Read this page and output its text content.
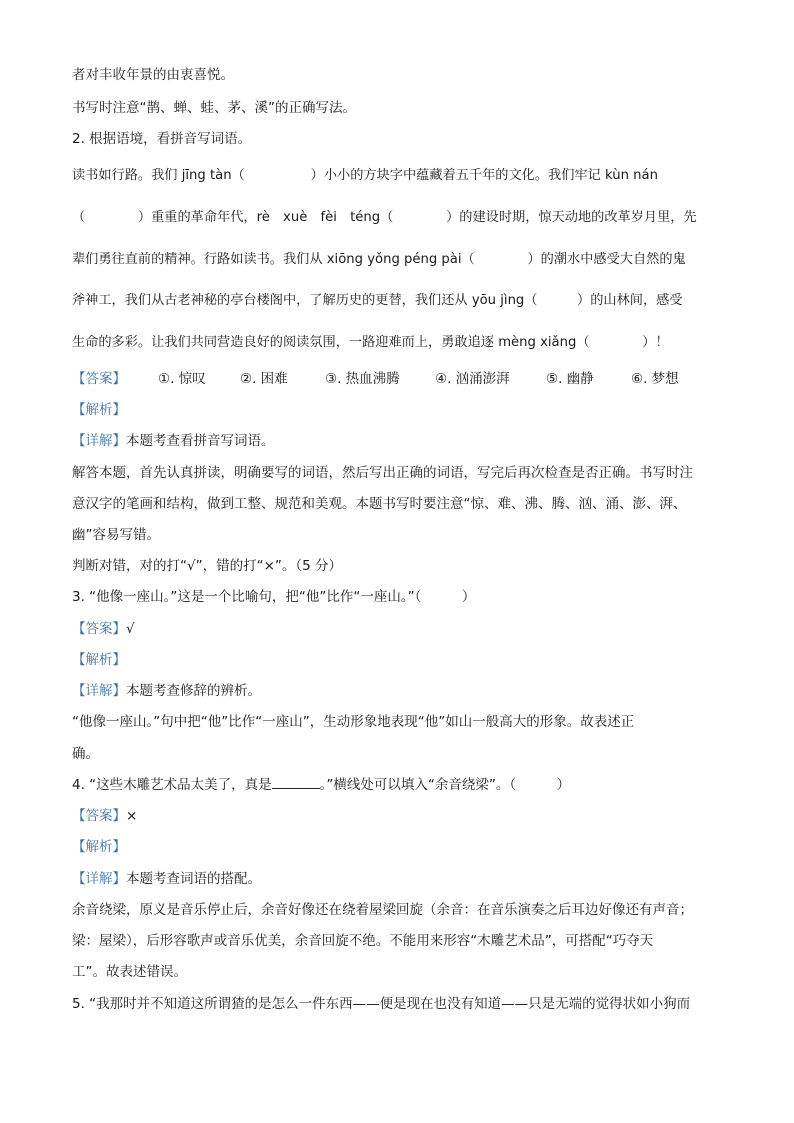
者对丰收年景的由衷喜悦。
书写时注意“鹊、蝉、蛙、茅、溪”的正确写法。
2. 根据语境，看拼音写词语。
读书如行路。我们 jīng tàn（　　　　　）小小的方块字中蕴藏着五千年的文化。我们牢记 kùn nán
（　　　　）重重的革命年代，rè　xuè　fèi　téng（　　　　）的建设时期，惊天动地的改革岁月里，先
辈们勇往直前的精神。行路如读书。我们从 xiōng yǒng péng pài（　　　　）的潮水中感受大自然的鬼
斧神工，我们从古老神秘的亭台楼阁中，了解历史的更替，我们还从 yōu jìng（　　　）的山林间，感受
生命的多彩。让我们共同营造良好的阅读氛围，一路迎难而上，勇敢追逐 mèng xiǎng（　　　　）！
【答案】 ①. 惊叹	②. 困难	③. 热血沸腾	④. 汹涌澎湃	⑤. 幽静	⑥. 梦想
【解析】
【详解】本题考查看拼音写词语。
解答本题，首先认真拼读，明确要写的词语，然后写出正确的词语，写完后再次检查是否正确。书写时注
意汉字的笔画和结构，做到工整、规范和美观。本题书写时要注意“惊、难、沸、腾、汹、涌、澎、湃、
幽”容易写错。
判断对错，对的打“√”，错的打“×”。（5 分）
3. “他像一座山。”这是一个比喻句，把“他”比作“一座山。”（　　　）
【答案】√
【解析】
【详解】本题考查修辞的辨析。
“他像一座山。”句中把“他”比作“一座山”，生动形象地表现“他”如山一般高大的形象。故表述正
确。
4. “这些木雕艺术品太美了，真是	。”横线处可以填入“余音绕梁”。（　　　）
【答案】×
【解析】
【详解】本题考查词语的搭配。
余音绕梁，原义是音乐停止后，余音好像还在绕着屋梁回旋（余音：在音乐演奏之后耳边好像还有声音；
梁：屋梁），后形容歌声或音乐优美，余音回旋不绝。不能用来形容“木雕艺术品”，可搭配“巧夺天
工”。故表述错误。
5. “我那时并不知道这所谓猹的是怎么一件东西——便是现在也没有知道——只是无端的觉得状如小狗而
